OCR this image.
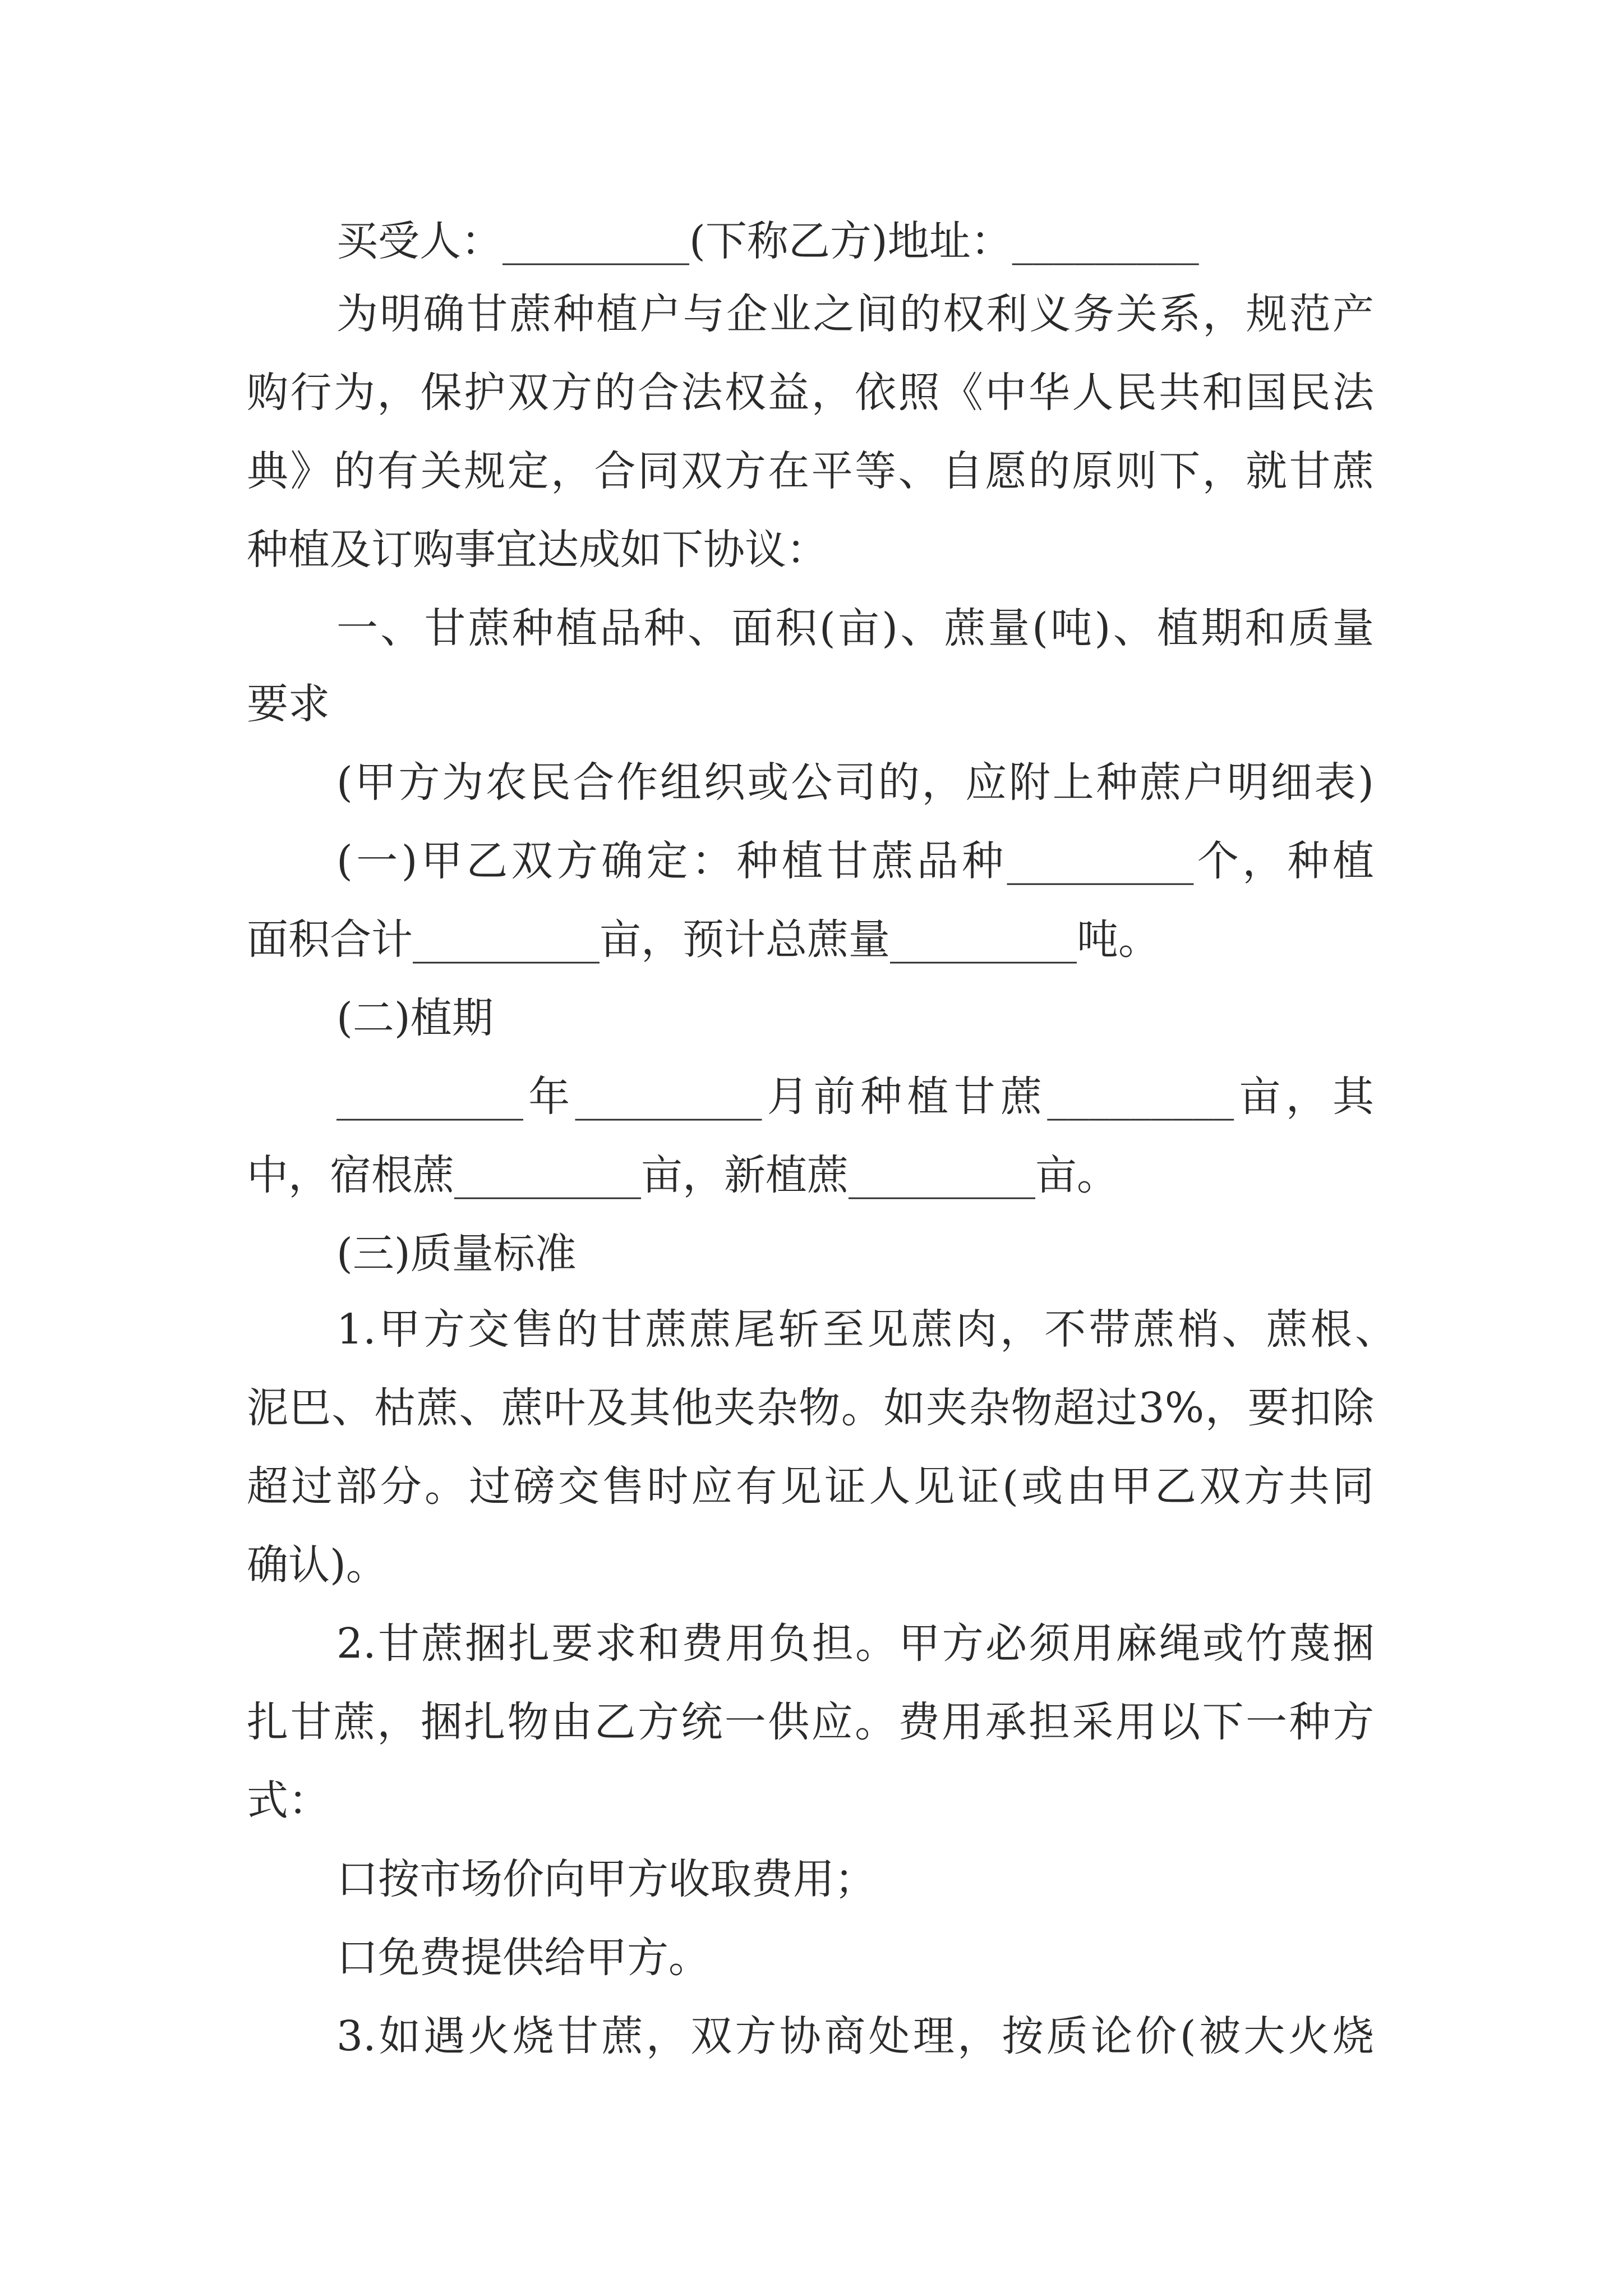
买受人：_________(下称乙方)地址：_________
为明确甘蔗种植户与企业之间的权利义务关系，规范产
购行为，保护双方的合法权益，依照《中华人民共和国民法
典》的有关规定，合同双方在平等、自愿的原则下，就甘蔗
种植及订购事宜达成如下协议：
一、甘蔗种植品种、面积(亩)、蔗量(吨)、植期和质量
要求
(甲方为农民合作组织或公司的，应附上种蔗户明细表)
(一)甲乙双方确定：种植甘蔗品种_________个，种植
面积合计_________亩，预计总蔗量_________吨。
(二)植期
_________年_________月前种植甘蔗_________亩，其
中，宿根蔗_________亩，新植蔗_________亩。
(三)质量标准
1.甲方交售的甘蔗蔗尾斩至见蔗肉，不带蔗梢、蔗根、
泥巴、枯蔗、蔗叶及其他夹杂物。如夹杂物超过3%，要扣除
超过部分。过磅交售时应有见证人见证(或由甲乙双方共同
确认)。
2.甘蔗捆扎要求和费用负担。甲方必须用麻绳或竹蔑捆
扎甘蔗，捆扎物由乙方统一供应。费用承担采用以下一种方
式：
口按市场价向甲方收取费用；
口免费提供给甲方。
3.如遇火烧甘蔗，双方协商处理，按质论价(被大火烧
